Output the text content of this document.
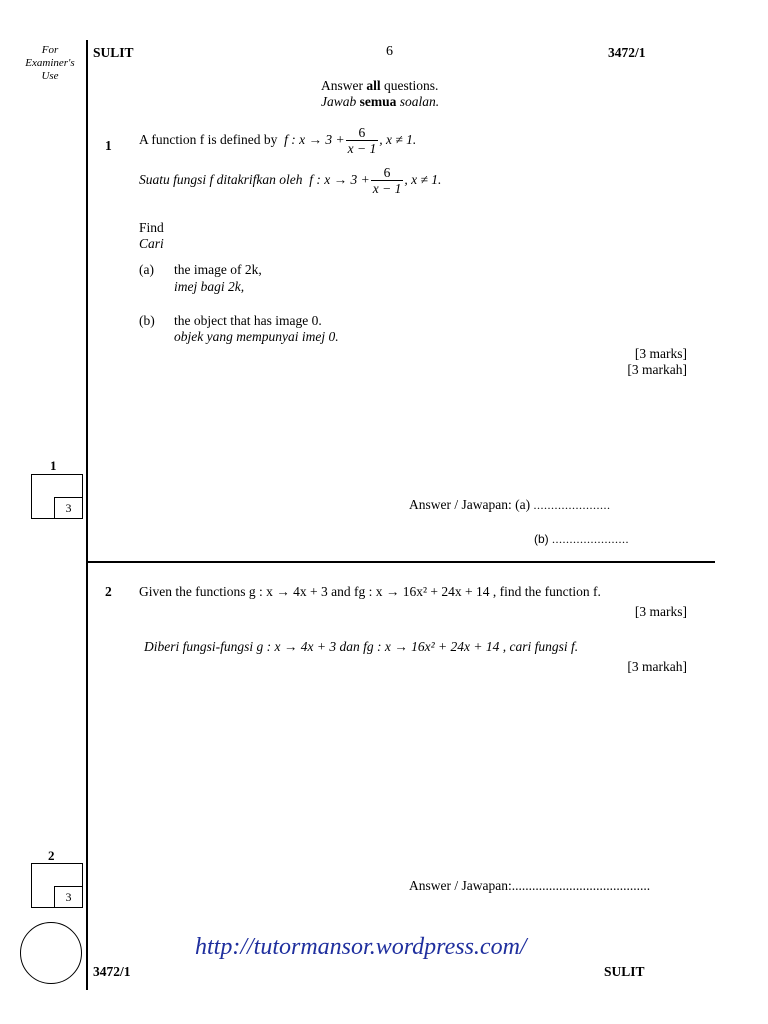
For Examiner's Use
SULIT	6	3472/1
Answer all questions.
Jawab semua soalan.
1 A function f is defined by f : $x \to 3 + \frac{6}{x - 1}$ , x ≠ 1.
Suatu fungsi f ditakrifkan oleh f : $x \to 3 + \frac{6}{x - 1}$ , x ≠ 1.
Find
Cari
(a) the image of 2k,
imej bagi 2k,
(b) the object that has image 0.
objek yang mempunyai imej 0.
[3 marks]
[3 markah]
1
3	Answer / Jawapan: (a) ......................
(b) ......................
2 Given the functions g : x → 4x + 3 and fg : x → 16x² + 24x + 14 , find the function f.
[3 marks]
Diberi fungsi-fungsi g : x → 4x + 3 dan fg : x → 16x² + 24x + 14 , cari fungsi f.
[3 markah]
2
3
Answer / Jawapan:.........................................
http://tutormansor.wordpress.com/
3472/1	SULIT
